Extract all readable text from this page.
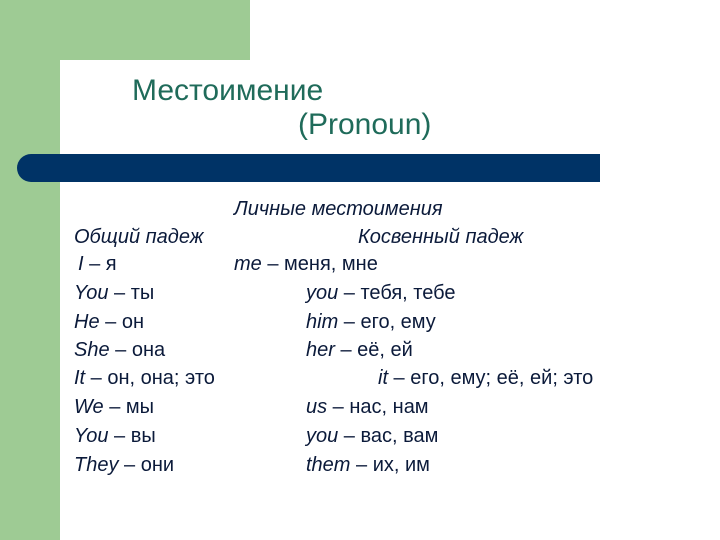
Местоимение
(Pronoun)
Личные местоимения
Общий падеж	Косвенный падеж
I – я	me – меня, мне
You – ты	you – тебя, тебе
He – он	him – его, ему
She – она	her – её, ей
It – он, она; это	it – его, ему; её, ей; это
We – мы	us – нас, нам
You – вы	you – вас, вам
They – они	them – их, им
